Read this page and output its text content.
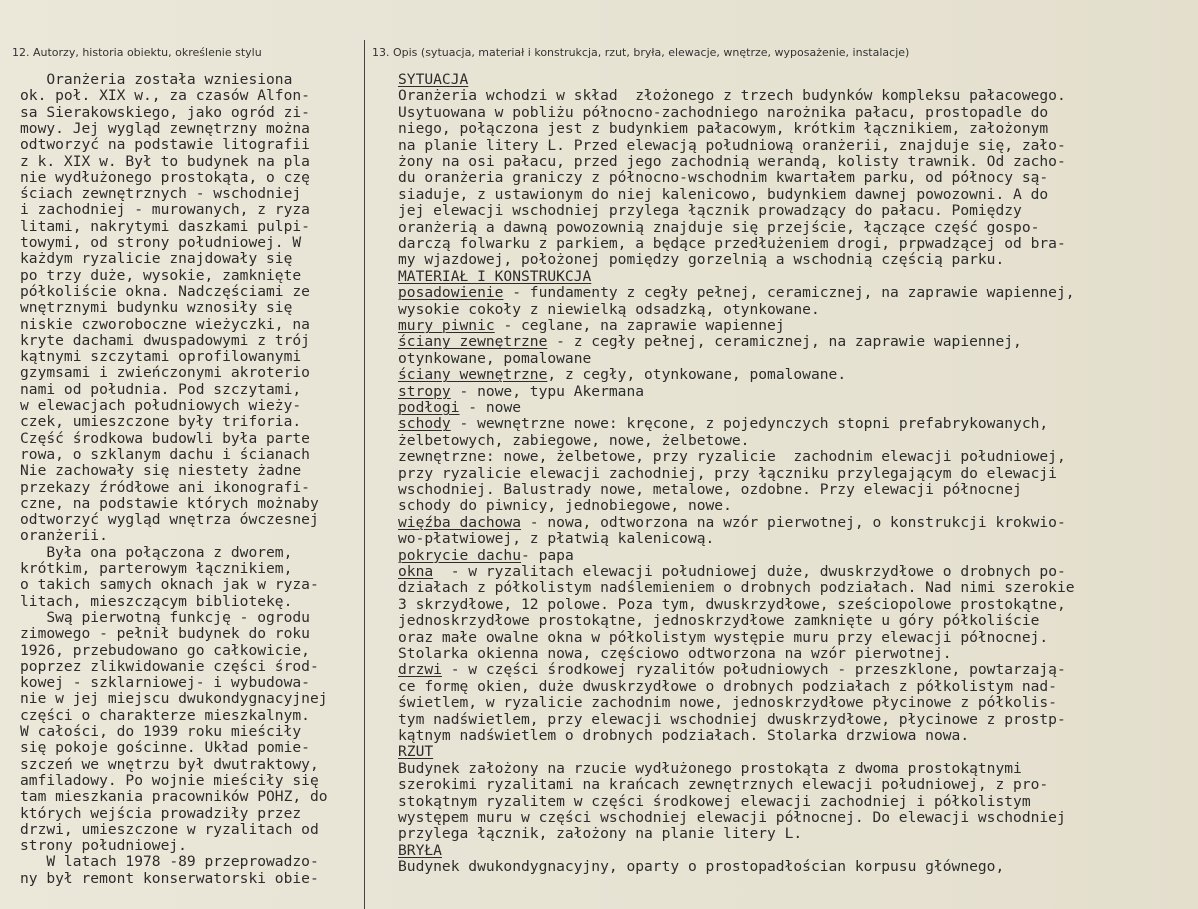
12. Autorzy, historia obiektu, określenie stylu	13. Opis (sytuacja, materiał i konstrukcja, rzut, bryła, elewacje, wnętrze, wyposażenie, instalacje)
Oranżeria została wzniesiona
ok. poł. XIX w., za czasów Alfon-
sa Sierakowskiego, jako ogród zi-
mowy. Jej wygląd zewnętrzny można
odtworzyć na podstawie litografii
z k. XIX w. Był to budynek na pla
nie wydłużonego prostokąta, o czę
ściach zewnętrznych - wschodniej
i zachodniej - murowanych, z ryza
litami, nakrytymi daszkami pulpi-
towymi, od strony południowej. W
każdym ryzalicie znajdowały się
po trzy duże, wysokie, zamknięte
półkoliście okna. Nadczęściami ze
wnętrznymi budynku wznosiły się
niskie czworoboczne wieżyczki, na
kryte dachami dwuspadowymi z trój
kątnymi szczytami oprofilowanymi
gzymsami i zwieńczonymi akroterio
nami od południa. Pod szczytami,
w elewacjach południowych wieży-
czek, umieszczone były triforia.
Część środkowa budowli była parte
rowa, o szklanym dachu i ścianach
Nie zachowały się niestety żadne
przekazy źródłowe ani ikonografi-
czne, na podstawie których możnaby
odtworzyć wygląd wnętrza ówczesnej
oranżerii.
Była ona połączona z dworem,
krótkim, parterowym łącznikiem,
o takich samych oknach jak w ryza-
litach, mieszczącym bibliotekę.
Swą pierwotną funkcję - ogrodu
zimowego - pełnił budynek do roku
1926, przebudowano go całkowicie,
poprzez zlikwidowanie części środ-
kowej - szklarniowej- i wybudowa-
nie w jej miejscu dwukondygnacyjnej
części o charakterze mieszkalnym.
W całości, do 1939 roku mieściły
się pokoje gościnne. Układ pomie-
szczeń we wnętrzu był dwutraktowy,
amfiladowy. Po wojnie mieściły się
tam mieszkania pracowników POHZ, do
których wejścia prowadziły przez
drzwi, umieszczone w ryzalitach od
strony południowej.
W latach 1978 -89 przeprowadzo-
ny był remont konserwatorski obie-
SYTUACJA
Oranżeria wchodzi w skład  złożonego z trzech budynków kompleksu pałacowego.
Usytuowana w pobliżu północno-zachodniego narożnika pałacu, prostopadle do
niego, połączona jest z budynkiem pałacowym, krótkim łącznikiem, założonym
na planie litery L. Przed elewacją południową oranżerii, znajduje się, zało-
żony na osi pałacu, przed jego zachodnią werandą, kolisty trawnik. Od zacho-
du oranżeria graniczy z północno-wschodnim kwartałem parku, od północy są-
siaduje, z ustawionym do niej kalenicowo, budynkiem dawnej powozowni. A do
jej elewacji wschodniej przylega łącznik prowadzący do pałacu. Pomiędzy
oranżerią a dawną powozownią znajduje się przejście, łączące część gospo-
darczą folwarku z parkiem, a będące przedłużeniem drogi, prpwadzącej od bra-
my wjazdowej, położonej pomiędzy gorzelnią a wschodnią częścią parku.
MATERIAŁ I KONSTRUKCJA
posadowienie - fundamenty z cegły pełnej, ceramicznej, na zaprawie wapiennej,
wysokie cokoły z niewielką odsadzką, otynkowane.
mury piwnic - ceglane, na zaprawie wapiennej
ściany zewnętrzne - z cegły pełnej, ceramicznej, na zaprawie wapiennej,
otynkowane, pomalowane
ściany wewnętrzne, z cegły, otynkowane, pomalowane.
stropy - nowe, typu Akermana
podłogi - nowe
schody - wewnętrzne nowe: kręcone, z pojedynczych stopni prefabrykowanych,
żelbetowych, zabiegowe, nowe, żelbetowe.
zewnętrzne: nowe, żelbetowe, przy ryzalicie  zachodnim elewacji południowej,
przy ryzalicie elewacji zachodniej, przy łączniku przylegającym do elewacji
wschodniej. Balustrady nowe, metalowe, ozdobne. Przy elewacji północnej
schody do piwnicy, jednobiegowe, nowe.
więźba dachowa - nowa, odtworzona na wzór pierwotnej, o konstrukcji krokwio-
wo-płatwiowej, z płatwią kalenicową.
pokrycie dachu- papa
okna  - w ryzalitach elewacji południowej duże, dwuskrzydłowe o drobnych po-
działach z półkolistym nadślemieniem o drobnych podziałach. Nad nimi szerokie
3 skrzydłowe, 12 polowe. Poza tym, dwuskrzydłowe, sześciopolowe prostokątne,
jednoskrzydłowe prostokątne, jednoskrzydłowe zamknięte u góry półkoliście
oraz małe owalne okna w półkolistym występie muru przy elewacji północnej.
Stolarka okienna nowa, częściowo odtworzona na wzór pierwotnej.
drzwi - w części środkowej ryzalitów południowych - przeszklone, powtarzają-
ce formę okien, duże dwuskrzydłowe o drobnych podziałach z półkolistym nad-
świetlem, w ryzalicie zachodnim nowe, jednoskrzydłowe płycinowe z półkolis-
tym nadświetlem, przy elewacji wschodniej dwuskrzydłowe, płycinowe z prostp-
kątnym nadświetlem o drobnych podziałach. Stolarka drzwiowa nowa.
RZUT
Budynek założony na rzucie wydłużonego prostokąta z dwoma prostokątnymi
szerokimi ryzalitami na krańcach zewnętrznych elewacji południowej, z pro-
stokątnym ryzalitem w części środkowej elewacji zachodniej i półkolistym
występem muru w części wschodniej elewacji północnej. Do elewacji wschodniej
przylega łącznik, założony na planie litery L.
BRYŁA
Budynek dwukondygnacyjny, oparty o prostopadłościan korpusu głównego,
